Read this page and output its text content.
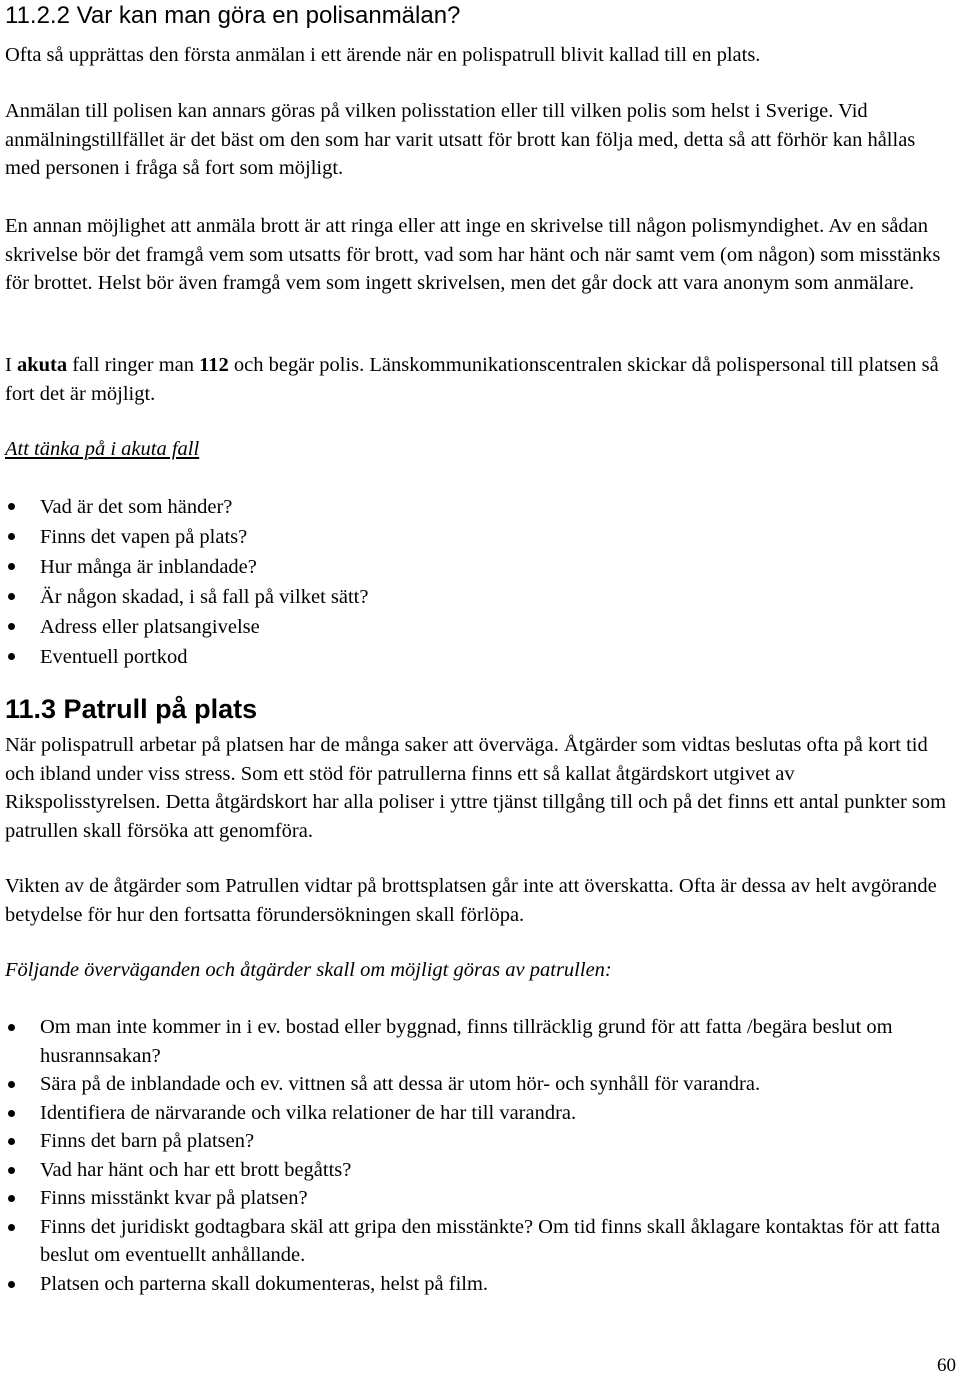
11.2.2 Var kan man göra en polisanmälan?

Ofta så upprättas den första anmälan i ett ärende när en polispatrull blivit kallad till en plats.

Anmälan till polisen kan annars göras på vilken polisstation eller till vilken polis som helst i Sverige. Vid anmälningstillfället är det bäst om den som har varit utsatt för brott kan följa med, detta så att förhör kan hållas med personen i fråga så fort som möjligt.

En annan möjlighet att anmäla brott är att ringa eller att inge en skrivelse till någon polismyndighet. Av en sådan skrivelse bör det framgå vem som utsatts för brott, vad som har hänt och när samt vem (om någon) som misstänks för brottet. Helst bör även framgå vem som ingett skrivelsen, men det går dock att vara anonym som anmälare.

I akuta fall ringer man 112 och begär polis. Länskommunikationscentralen skickar då polispersonal till platsen så fort det är möjligt.

Att tänka på i akuta fall

Vad är det som händer?
Finns det vapen på plats?
Hur många är inblandade?
Är någon skadad, i så fall på vilket sätt?
Adress eller platsangivelse
Eventuell portkod
11.3 Patrull på plats

När polispatrull arbetar på platsen har de många saker att överväga. Åtgärder som vidtas beslutas ofta på kort tid och ibland under viss stress. Som ett stöd för patrullerna finns ett så kallat åtgärdskort utgivet av Rikspolisstyrelsen. Detta åtgärdskort har alla poliser i yttre tjänst tillgång till och på det finns ett antal punkter som patrullen skall försöka att genomföra.

Vikten av de åtgärder som Patrullen vidtar på brottsplatsen går inte att överskatta. Ofta är dessa av helt avgörande betydelse för hur den fortsatta förundersökningen skall förlöpa.

Följande överväganden och åtgärder skall om möjligt göras av patrullen:

Om man inte kommer in i ev. bostad eller byggnad, finns tillräcklig grund för att fatta /begära beslut om husrannsakan?
Sära på de inblandade och ev. vittnen så att dessa är utom hör- och synhåll för varandra.
Identifiera de närvarande och vilka relationer de har till varandra.
Finns det barn på platsen?
Vad har hänt och har ett brott begåtts?
Finns misstänkt kvar på platsen?
Finns det juridiskt godtagbara skäl att gripa den misstänkte? Om tid finns skall åklagare kontaktas för att fatta beslut om eventuellt anhållande.
Platsen och parterna skall dokumenteras, helst på film.
60
